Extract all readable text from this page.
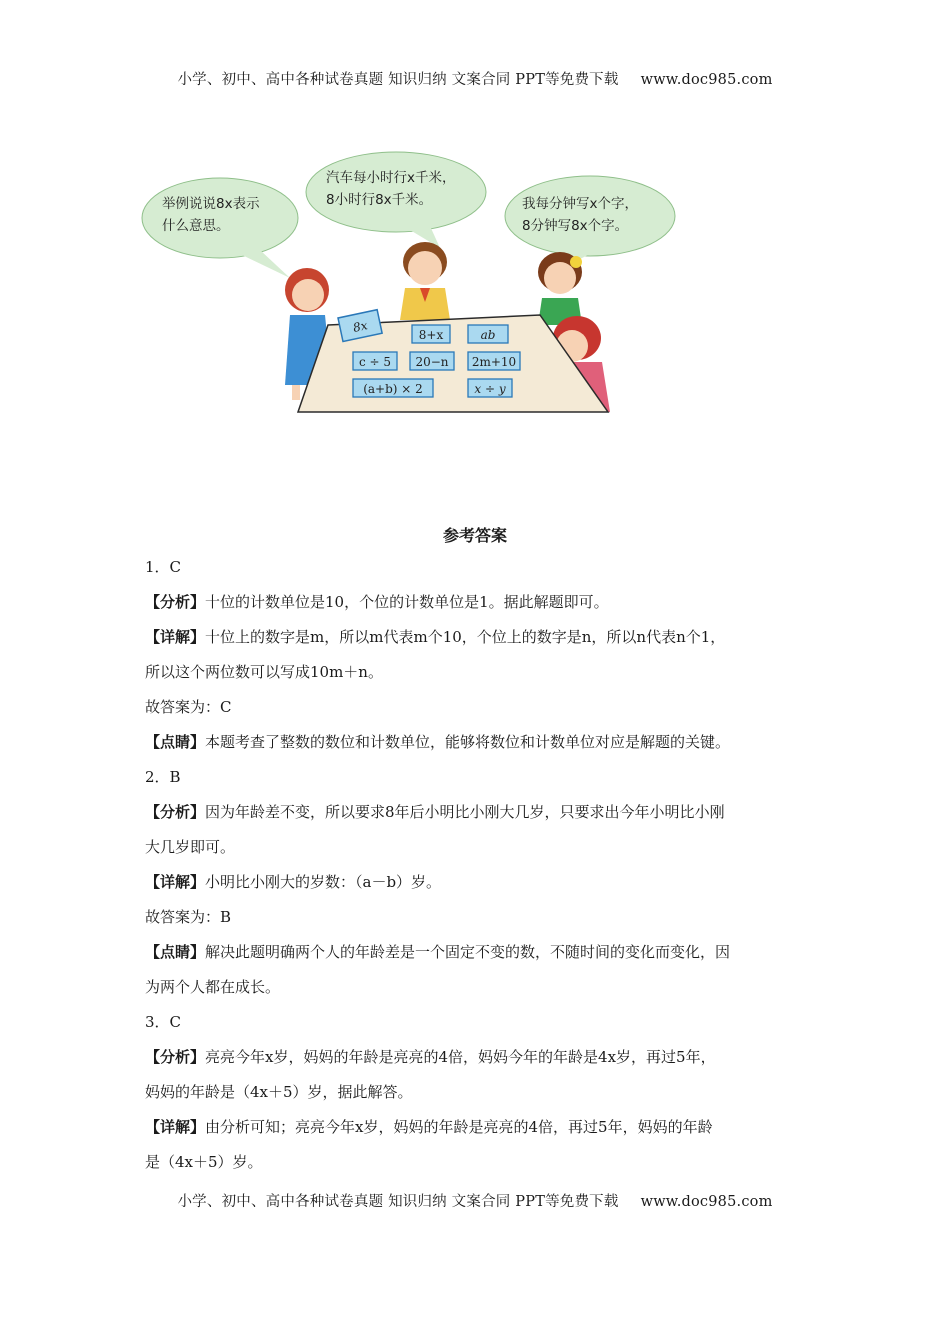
小学、初中、高中各种试卷真题 知识归纳 文案合同 PPT等免费下载 www.doc985.com
举例说说8x表示
什么意思。
汽车每小时行x千米，
8小时行8x千米。	我每分钟写x个字，
8分钟写8x个字。
8x
8+x	ab
c ÷ 5 20−n 2m+10
(a+b) × 2	x ÷ y
参考答案

1．C

【分析】十位的计数单位是10，个位的计数单位是1。据此解题即可。

【详解】十位上的数字是m，所以m代表m个10，个位上的数字是n，所以n代表n个1，

所以这个两位数可以写成10m＋n。

故答案为：C

【点睛】本题考查了整数的数位和计数单位，能够将数位和计数单位对应是解题的关键。

2．B

【分析】因为年龄差不变，所以要求8年后小明比小刚大几岁，只要求出今年小明比小刚

大几岁即可。

【详解】小明比小刚大的岁数：（a－b）岁。

故答案为：B

【点睛】解决此题明确两个人的年龄差是一个固定不变的数，不随时间的变化而变化，因

为两个人都在成长。

3．C

【分析】亮亮今年x岁，妈妈的年龄是亮亮的4倍，妈妈今年的年龄是4x岁，再过5年，

妈妈的年龄是（4x＋5）岁，据此解答。

【详解】由分析可知；亮亮今年x岁，妈妈的年龄是亮亮的4倍，再过5年，妈妈的年龄

是（4x＋5）岁。

小学、初中、高中各种试卷真题 知识归纳 文案合同 PPT等免费下载 www.doc985.com
